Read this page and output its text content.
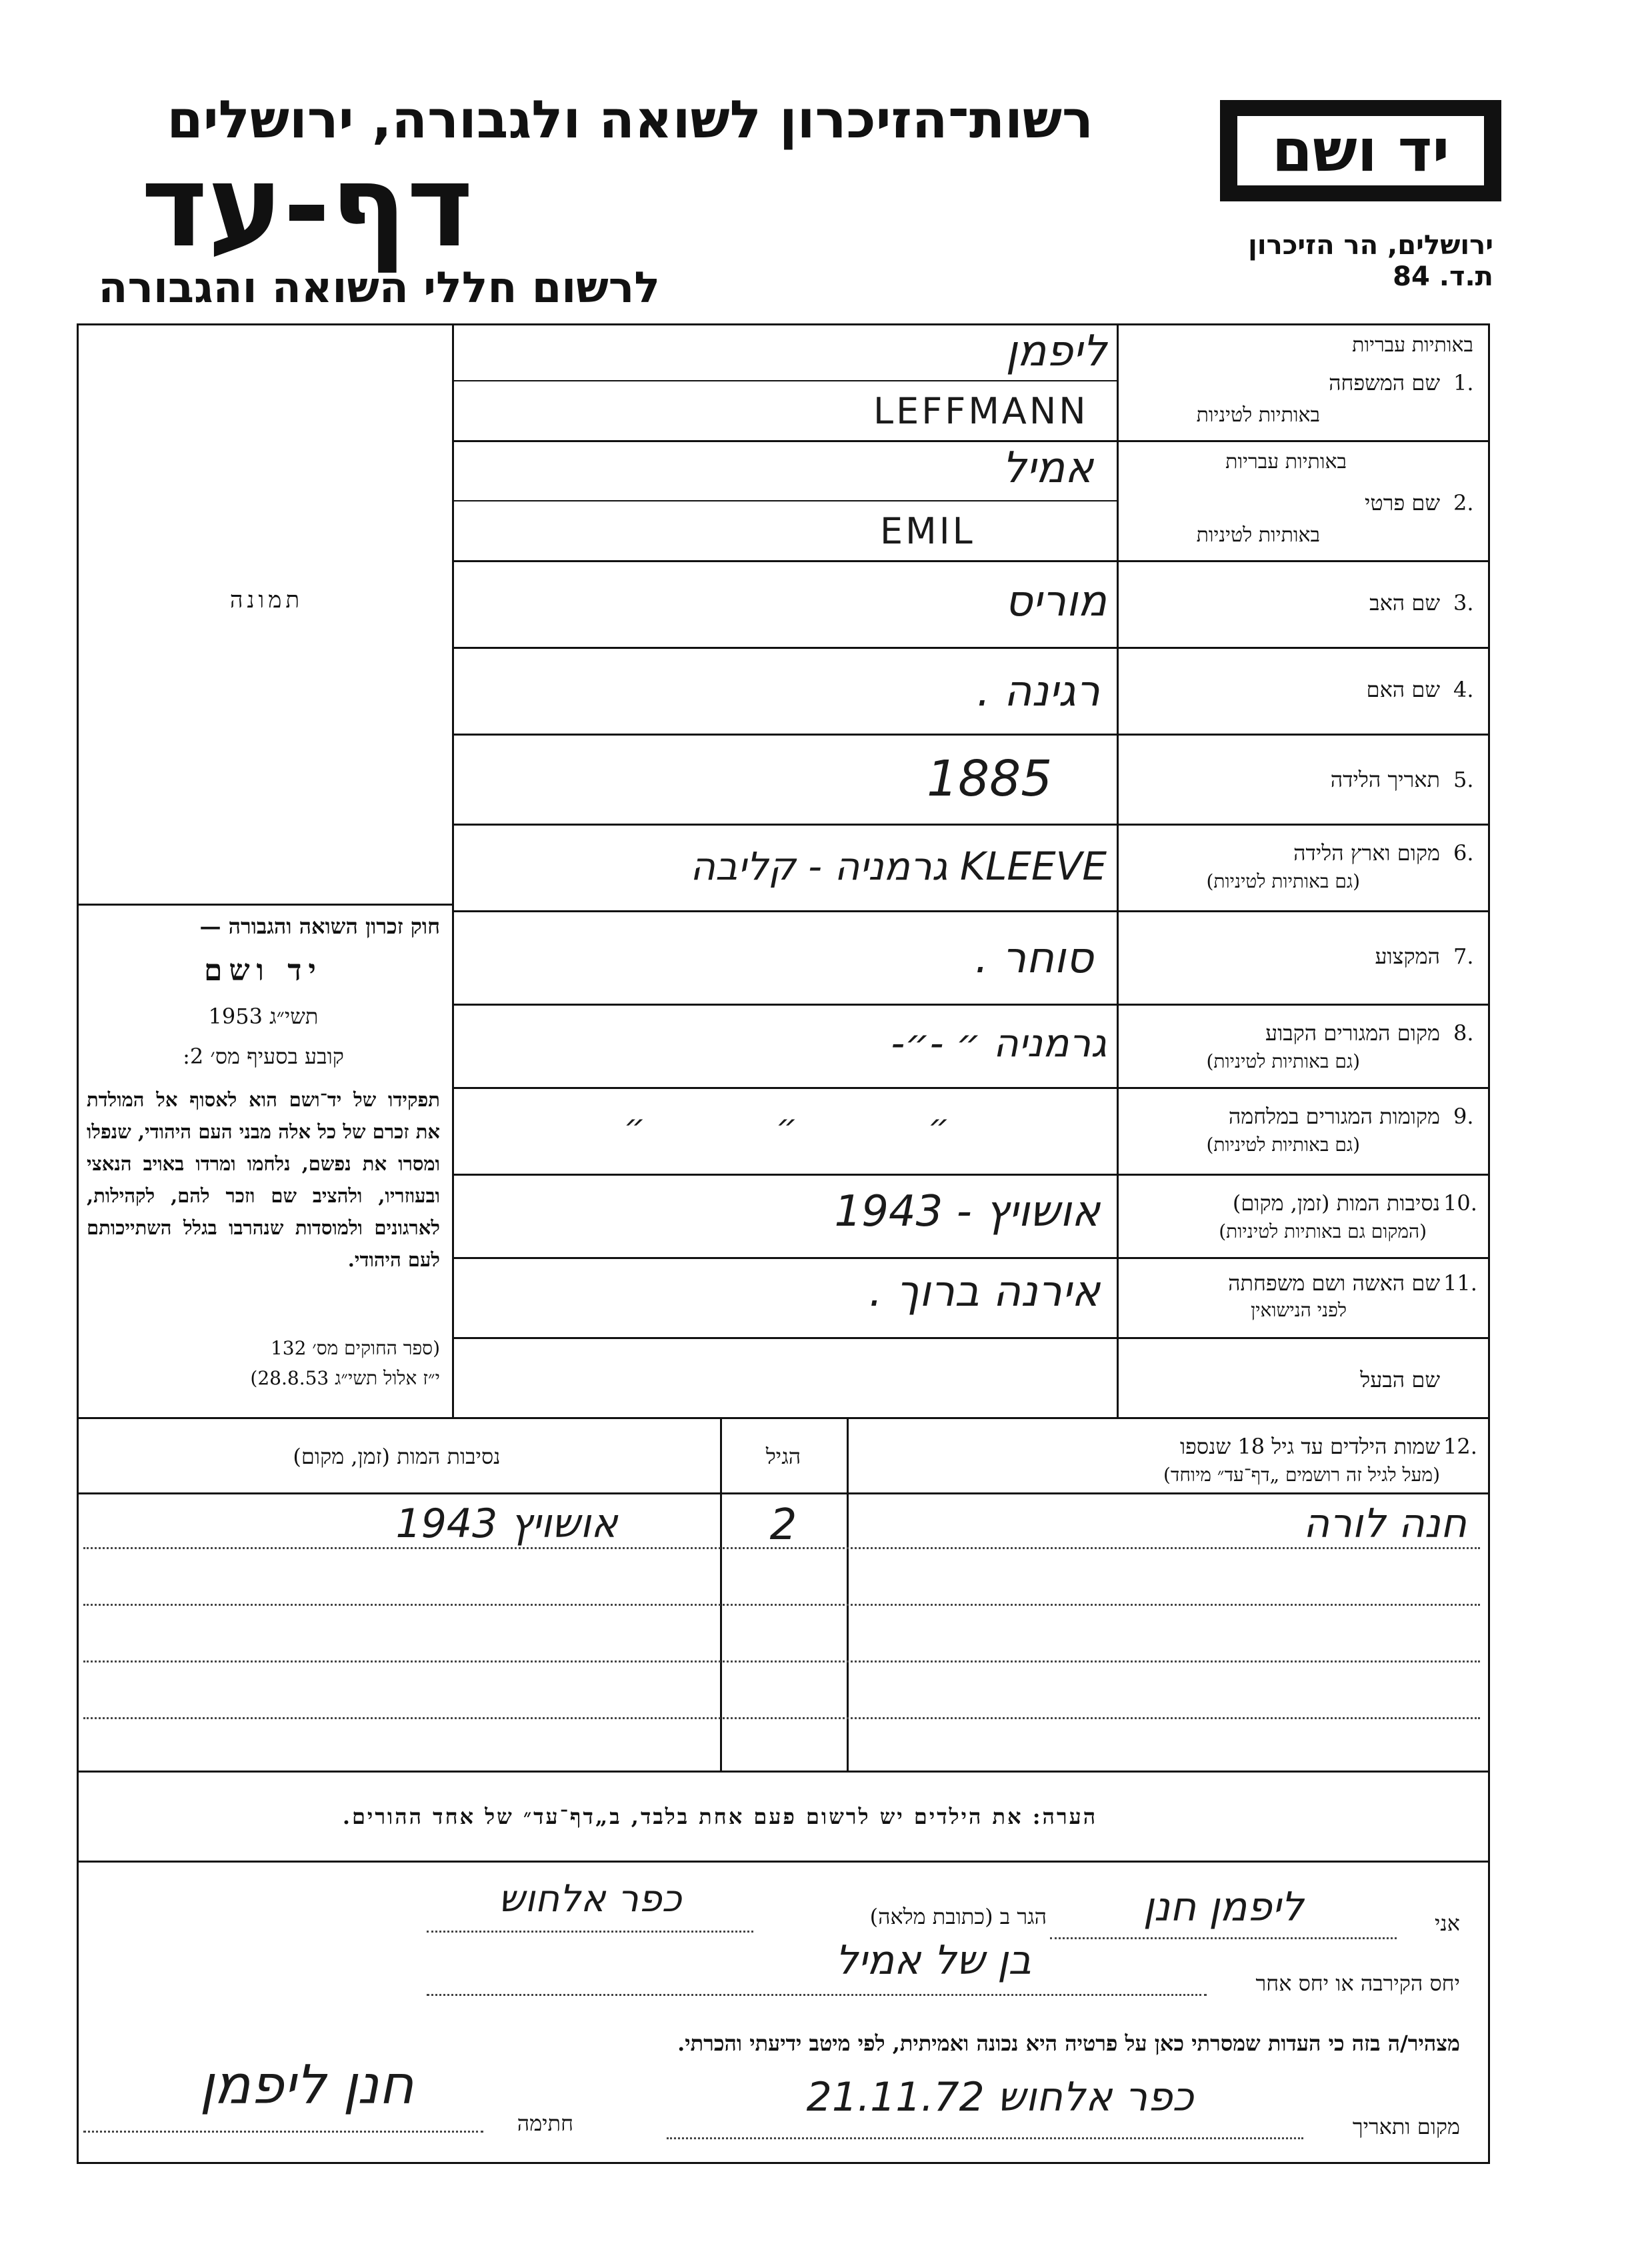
רשות־הזיכרון לשואה ולגבורה, ירושלים
דף-עד
לרשום חללי השואה והגבורה
יד ושם
ירושלים, הר הזיכרון
ת.ד. 84
תמונה
חוק זכרון השואה והגבורה —
יד ושם
תשי״ג 1953
קובע בסעיף מס׳ 2:
תפקידו של יד־ושם הוא לאסוף אל המולדת את זכרם של כל אלה מבני העם היהודי, שנפלו ומסרו את נפשם, נלחמו ומרדו באויב הנאצי ובעוזריו, ולהציב שם וזכר להם, לקהילות, לארגונים ולמוסדות שנהרבו בגלל השתייכותם לעם היהודי.
(ספר החוקים מס׳ 132
י״ז אלול תשי״ג 28.8.53)
באותיות עבריות
1.
שם המשפחה
באותיות לטיניות
ליפמן
LEFFMANN
באותיות עבריות
2.
שם פרטי
באותיות לטיניות
אמיל
EMIL
3.
שם האב
מוריס
4.
שם האם
רגינה .
5.
תאריך הלידה
1885
6.
מקום וארץ הלידה
(גם באותיות לטיניות)
KLEEVE גרמניה - קליבה
7.
המקצוע
סוחר .
8.
מקום המגורים הקבוע
(גם באותיות לטיניות)
גרמניה ״ -״-
9.
מקומות המגורים במלחמה
(גם באותיות לטיניות)
״ ״ ״
10.
נסיבות המות (זמן, מקום)
(המקום גם באותיות לטיניות)
אושויץ - 1943
11.
שם האשה ושם משפחתה
לפני הנישואין
אירנה ברוך .
שם הבעל
12.
שמות הילדים עד גיל 18 שנספו
(מעל לגיל זה רושמים „דף־עד״ מיוחד)
הגיל
נסיבות המות (זמן, מקום)
חנה לורה
2
אושויץ 1943
הערה: את הילדים יש לרשום פעם אחת בלבד, ב„דף־עד״ של אחד ההורים.
אני
ליפמן חנן
הגר ב (כתובת מלאה)
כפר אלחוש
יחס הקירבה או יחס אחר
בן של אמיל
מצהיר/ה בזה כי העדות שמסרתי כאן על פרטיה היא נכונה ואמיתית, לפי מיטב ידיעתי והכרתי.
מקום ותאריך
כפר אלחוש 21.11.72
חתימה
חנן ליפמן
